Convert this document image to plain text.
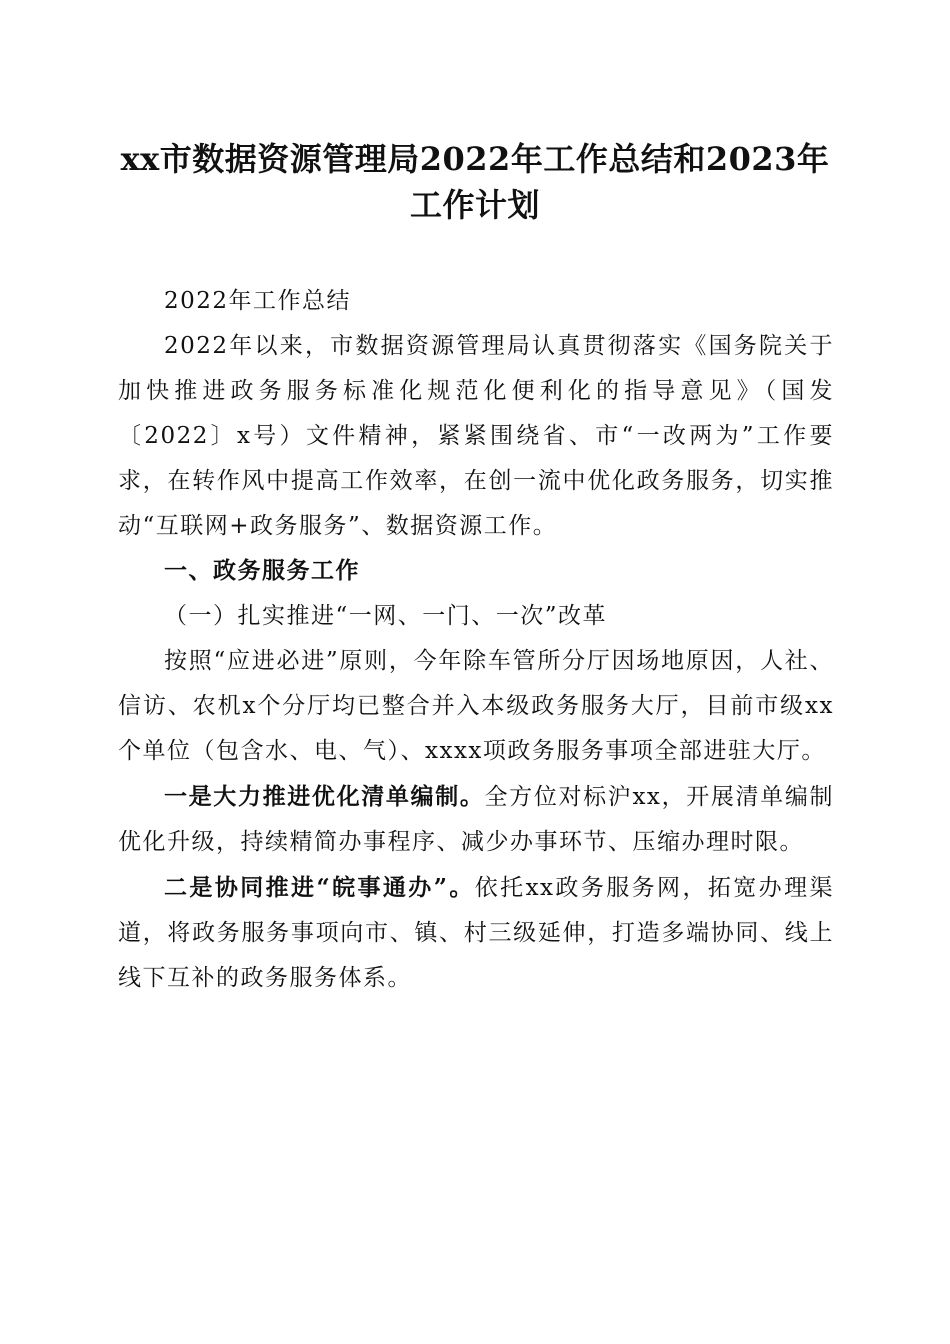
xx市数据资源管理局2022年工作总结和2023年工作计划

2022年工作总结

2022年以来，市数据资源管理局认真贯彻落实《国务院关于加快推进政务服务标准化规范化便利化的指导意见》（国发〔2022〕x号）文件精神，紧紧围绕省、市“一改两为”工作要求，在转作风中提高工作效率，在创一流中优化政务服务，切实推动“互联网+政务服务”、数据资源工作。

一、政务服务工作

（一）扎实推进“一网、一门、一次”改革

按照“应进必进”原则，今年除车管所分厅因场地原因，人社、信访、农机x个分厅均已整合并入本级政务服务大厅，目前市级xx个单位（包含水、电、气）、xxxx项政务服务事项全部进驻大厅。

一是大力推进优化清单编制。全方位对标沪xx，开展清单编制优化升级，持续精简办事程序、减少办事环节、压缩办理时限。

二是协同推进“皖事通办”。依托xx政务服务网，拓宽办理渠道，将政务服务事项向市、镇、村三级延伸，打造多端协同、线上线下互补的政务服务体系。
